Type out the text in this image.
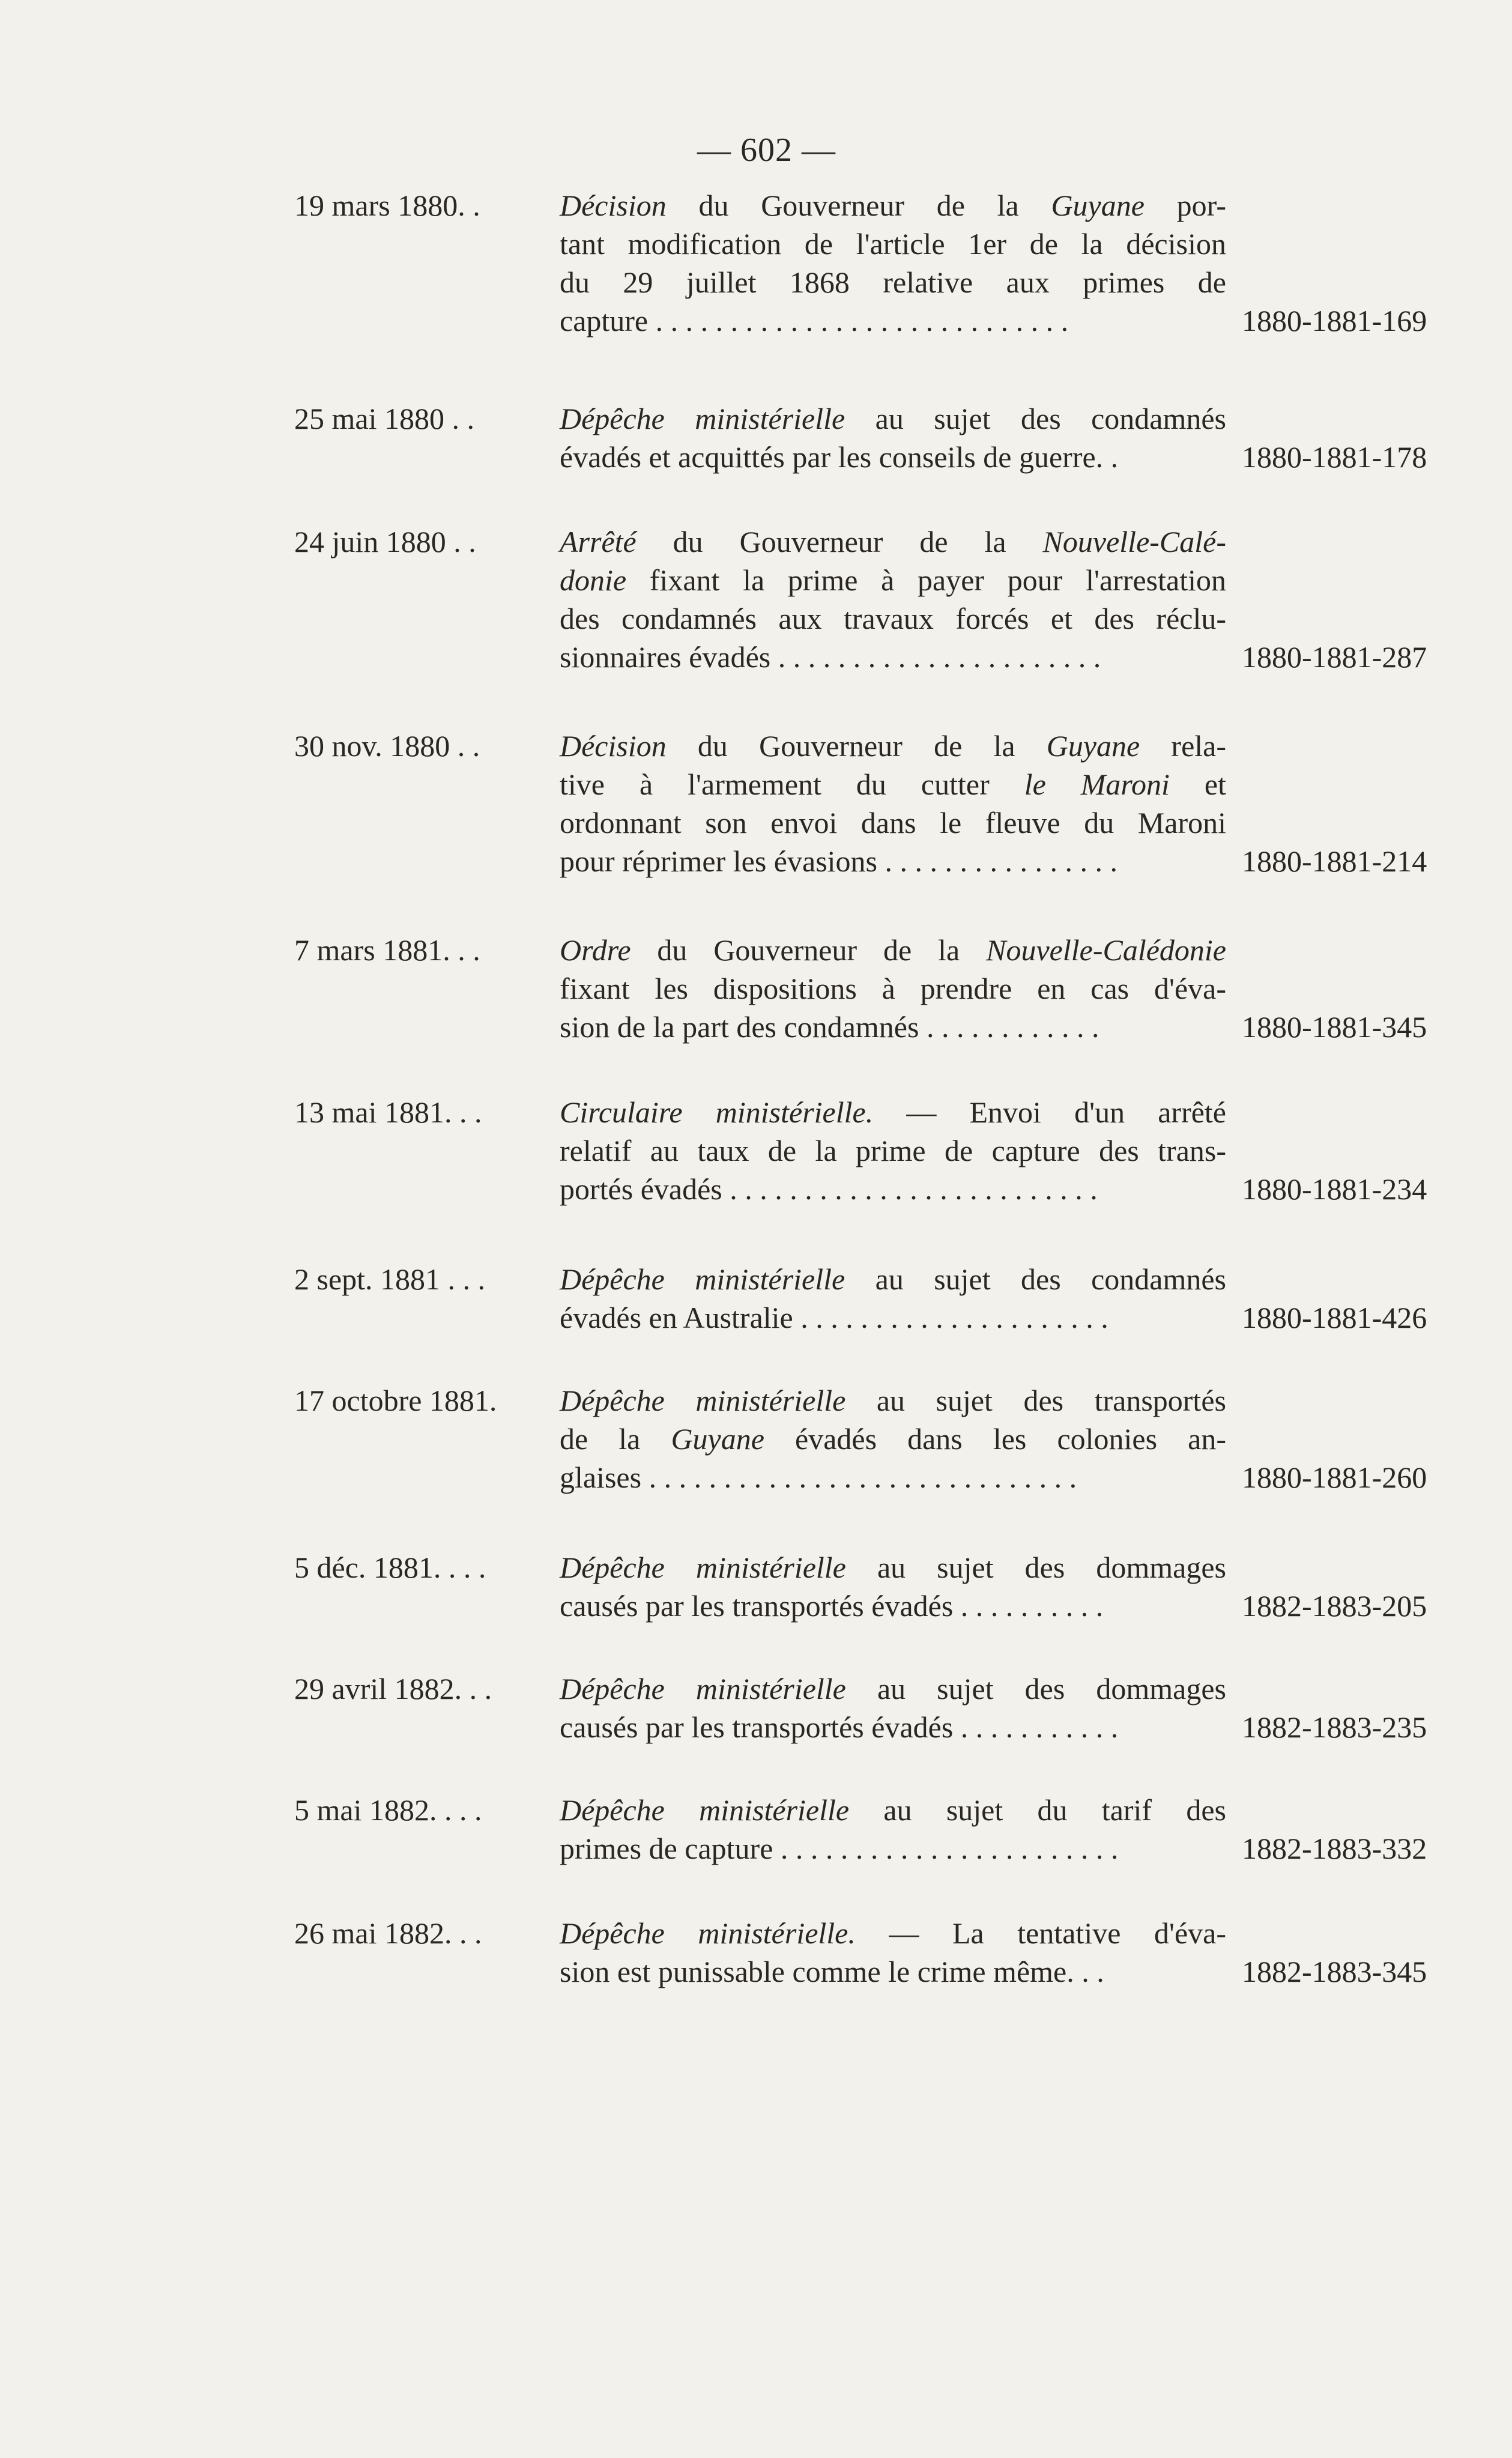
— 602 —
19 mars 1880. .	Décision du Gouverneur de la Guyane por-
tant modification de l'article 1er de la décision
du 29 juillet 1868 relative aux primes de
capture . . . . . . . . . . . . . . . . . . . . . . . . . . . .	1880-1881-169
25 mai 1880 . .	Dépêche ministérielle au sujet des condamnés
évadés et acquittés par les conseils de guerre. .	1880-1881-178
24 juin 1880 . .	Arrêté du Gouverneur de la Nouvelle-Calé-
donie fixant la prime à payer pour l'arrestation
des condamnés aux travaux forcés et des réclu-
sionnaires évadés . . . . . . . . . . . . . . . . . . . . . .	1880-1881-287
30 nov. 1880 . .	Décision du Gouverneur de la Guyane rela-
tive à l'armement du cutter le Maroni et
ordonnant son envoi dans le fleuve du Maroni
pour réprimer les évasions . . . . . . . . . . . . . . . .	1880-1881-214
7 mars 1881. . .	Ordre du Gouverneur de la Nouvelle-Calédonie
fixant les dispositions à prendre en cas d'éva-
sion de la part des condamnés . . . . . . . . . . . .	1880-1881-345
13 mai 1881. . .	Circulaire ministérielle. — Envoi d'un arrêté
relatif au taux de la prime de capture des trans-
portés évadés . . . . . . . . . . . . . . . . . . . . . . . . .	1880-1881-234
2 sept. 1881 . . . Dépêche ministérielle au sujet des condamnés
évadés en Australie . . . . . . . . . . . . . . . . . . . . .	1880-1881-426
17 octobre 1881. Dépêche ministérielle au sujet des transportés
de la Guyane évadés dans les colonies an-
glaises . . . . . . . . . . . . . . . . . . . . . . . . . . . . .	1880-1881-260
5 déc. 1881. . . . Dépêche ministérielle au sujet des dommages
causés par les transportés évadés . . . . . . . . . .	1882-1883-205
29 avril 1882. . . Dépêche ministérielle au sujet des dommages
causés par les transportés évadés . . . . . . . . . . .	1882-1883-235
5 mai 1882. . . .	Dépêche ministérielle au sujet du tarif des
primes de capture . . . . . . . . . . . . . . . . . . . . . . .	1882-1883-332
26 mai 1882. . .	Dépêche ministérielle. — La tentative d'éva-
sion est punissable comme le crime même. . .	1882-1883-345
